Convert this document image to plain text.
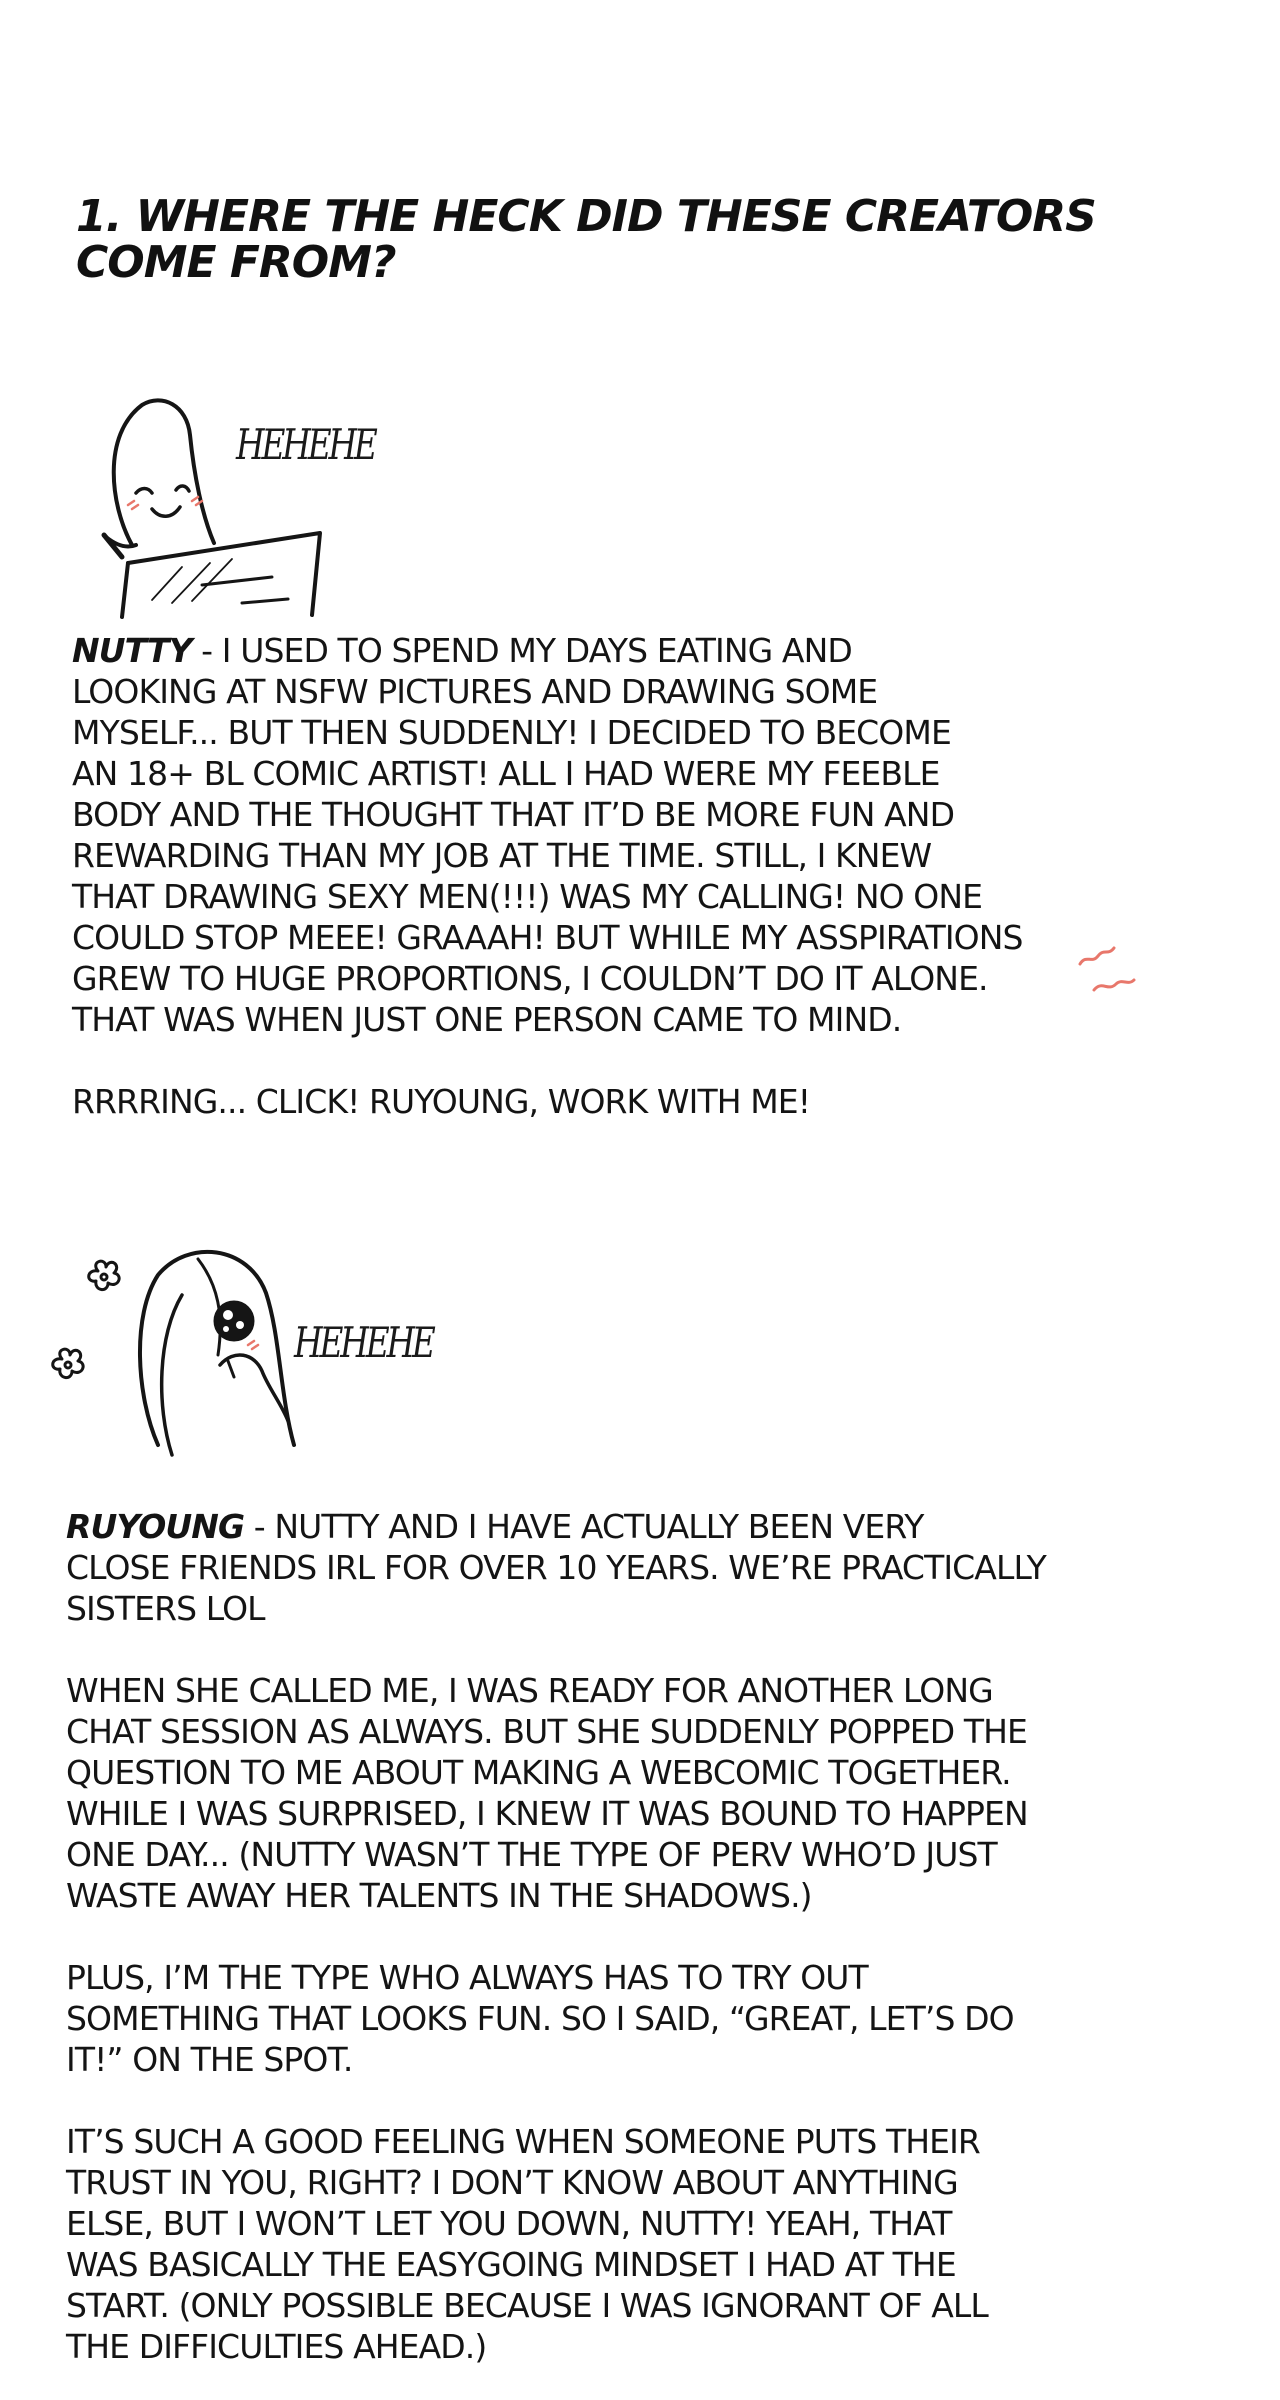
1. WHERE THE HECK DID THESE CREATORS
COME FROM?
HEHEHE

NUTTY - I USED TO SPEND MY DAYS EATING AND
LOOKING AT NSFW PICTURES AND DRAWING SOME
MYSELF... BUT THEN SUDDENLY! I DECIDED TO BECOME
AN 18+ BL COMIC ARTIST! ALL I HAD WERE MY FEEBLE
BODY AND THE THOUGHT THAT IT’D BE MORE FUN AND
REWARDING THAN MY JOB AT THE TIME. STILL, I KNEW
THAT DRAWING SEXY MEN(!!!) WAS MY CALLING! NO ONE
COULD STOP MEEE! GRAAAH! BUT WHILE MY ASSPIRATIONS
GREW TO HUGE PROPORTIONS, I COULDN’T DO IT ALONE.
THAT WAS WHEN JUST ONE PERSON CAME TO MIND.

RRRRING... CLICK! RUYOUNG, WORK WITH ME!

HEHEHE

RUYOUNG - NUTTY AND I HAVE ACTUALLY BEEN VERY
CLOSE FRIENDS IRL FOR OVER 10 YEARS. WE’RE PRACTICALLY
SISTERS LOL

WHEN SHE CALLED ME, I WAS READY FOR ANOTHER LONG
CHAT SESSION AS ALWAYS. BUT SHE SUDDENLY POPPED THE
QUESTION TO ME ABOUT MAKING A WEBCOMIC TOGETHER.
WHILE I WAS SURPRISED, I KNEW IT WAS BOUND TO HAPPEN
ONE DAY... (NUTTY WASN’T THE TYPE OF PERV WHO’D JUST
WASTE AWAY HER TALENTS IN THE SHADOWS.)

PLUS, I’M THE TYPE WHO ALWAYS HAS TO TRY OUT
SOMETHING THAT LOOKS FUN. SO I SAID, “GREAT, LET’S DO
IT!” ON THE SPOT.

IT’S SUCH A GOOD FEELING WHEN SOMEONE PUTS THEIR
TRUST IN YOU, RIGHT? I DON’T KNOW ABOUT ANYTHING
ELSE, BUT I WON’T LET YOU DOWN, NUTTY! YEAH, THAT
WAS BASICALLY THE EASYGOING MINDSET I HAD AT THE
START. (ONLY POSSIBLE BECAUSE I WAS IGNORANT OF ALL
THE DIFFICULTIES AHEAD.)
